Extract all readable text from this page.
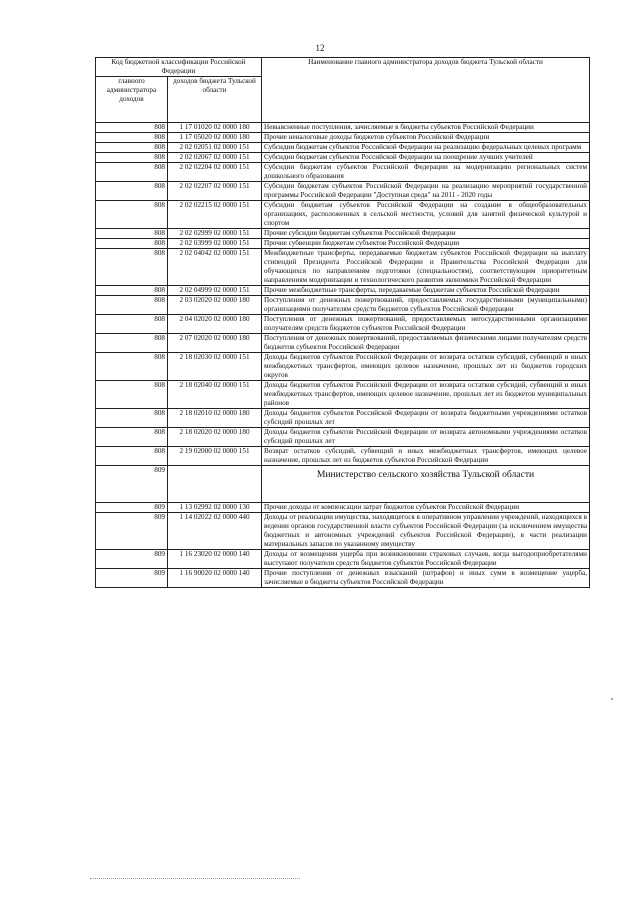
12
Код бюджетной классификации Российской Федерации		Наименование главного администратора доходов бюджета Тульской области
главного администратора доходов	доходов бюджета Тульской области	
808	1 17 01020 02 0000 180	Невыясненные поступления, зачисляемые в бюджеты субъектов Российской Федерации
808	1 17 05020 02 0000 180	Прочие неналоговые доходы бюджетов субъектов Российской Федерации
808	2 02 02051 02 0000 151	Субсидии бюджетам субъектов Российской Федерации на реализацию федеральных целевых программ
808	2 02 02067 02 0000 151	Субсидии бюджетам субъектов Российской Федерации на поощрение лучших учителей
808	2 02 02204 02 0000 151	Субсидии бюджетам субъектов Российской Федерации на модернизацию региональных систем дошкольного образования
808	2 02 02207 02 0000 151	Субсидии бюджетам субъектов Российской Федерации на реализацию мероприятий государственной программы Российской Федерации "Доступная среда" на 2011 - 2020 годы
808	2 02 02215 02 0000 151	Субсидии бюджетам субъектов Российской Федерации на создание в общеобразовательных организациях, расположенных в сельской местности, условий для занятий физической культурой и спортом
808	2 02 02999 02 0000 151	Прочие субсидии бюджетам субъектов Российской Федерации
808	2 02 03999 02 0000 151	Прочие субвенции бюджетам субъектов Российской Федерации
808	2 02 04042 02 0000 151	Межбюджетные трансферты, передаваемые бюджетам субъектов Российской Федерации на выплату стипендий Президента Российской Федерации и Правительства Российской Федерации для обучающихся по направлениям подготовки (специальностям), соответствующим приоритетным направлениям модернизации и технологического развития экономики Российской Федерации
808	2 02 04999 02 0000 151	Прочие межбюджетные трансферты, передаваемые бюджетам субъектов Российской Федерации
808	2 03 02020 02 0000 180	Поступления от денежных пожертвований, предоставляемых государственными (муниципальными) организациями получателям средств бюджетов субъектов Российской Федерации
808	2 04 02020 02 0000 180	Поступления от денежных пожертвований, предоставляемых негосударственными организациями получателям средств бюджетов субъектов Российской Федерации
808	2 07 02020 02 0000 180	Поступления от денежных пожертвований, предоставляемых физическими лицами получателям средств бюджетов субъектов Российской Федерации
808	2 18 02030 02 0000 151	Доходы бюджетов субъектов Российской Федерации от возврата остатков субсидий, субвенций и иных межбюджетных трансфертов, имеющих целевое назначение, прошлых лет из бюджетов городских округов
808	2 18 02040 02 0000 151	Доходы бюджетов субъектов Российской Федерации от возврата остатков субсидий, субвенций и иных межбюджетных трансфертов, имеющих целевое назначение, прошлых лет из бюджетов муниципальных районов
808	2 18 02010 02 0000 180	Доходы бюджетов субъектов Российской Федерации от возврата бюджетными учреждениями остатков субсидий прошлых лет
808	2 18 02020 02 0000 180	Доходы бюджетов субъектов Российской Федерации от возврата автономными учреждениями остатков субсидий прошлых лет
808	2 19 02000 02 0000 151	Возврат остатков субсидий, субвенций и иных межбюджетных трансфертов, имеющих целевое назначение, прошлых лет из бюджетов субъектов Российской Федерации
809		Министерство сельского хозяйства Тульской области
809	1 13 02992 02 0000 130	Прочие доходы от компенсации затрат бюджетов субъектов Российской Федерации
809	1 14 02022 02 0000 440	Доходы от реализации имущества, находящегося в оперативном управлении учреждений, находящихся в ведении органов государственной власти субъектов Российской Федерации (за исключением имущества бюджетных и автономных учреждений субъектов Российской Федерации), в части реализации материальных запасов по указанному имуществу
809	1 16 23020 02 0000 140	Доходы от возмещения ущерба при возникновении страховых случаев, когда выгодоприобретателями выступают получатели средств бюджетов субъектов Российской Федерации
809	1 16 90020 02 0000 140	Прочие поступления от денежных взысканий (штрафов) и иных сумм в возмещение ущерба, зачисляемые в бюджеты субъектов Российской Федерации
